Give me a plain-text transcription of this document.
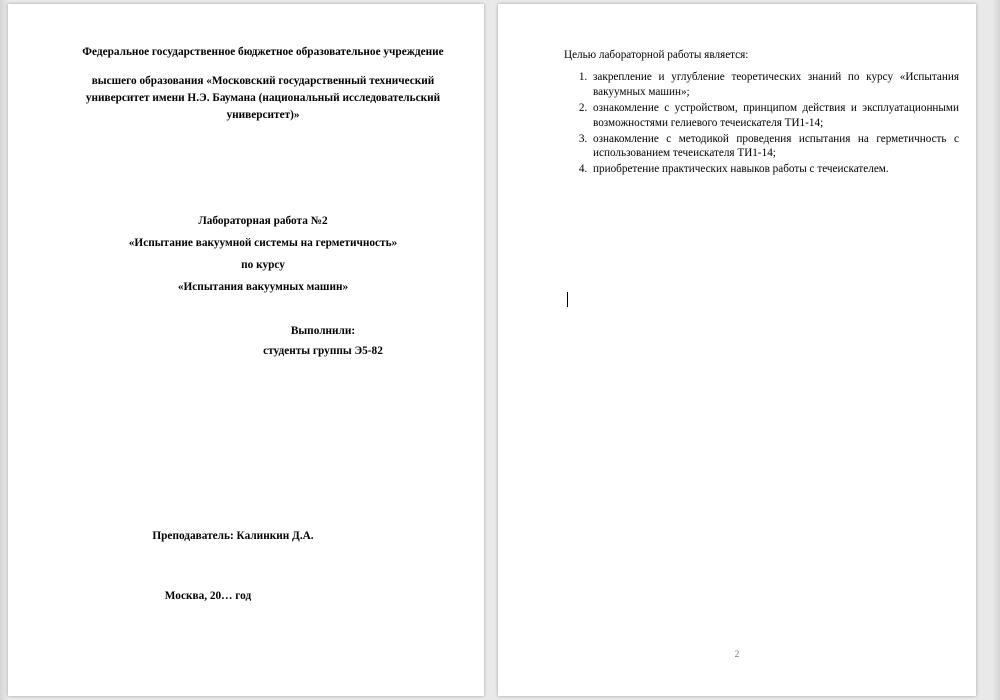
Федеральное государственное бюджетное образовательное учреждение
высшего образования «Московский государственный технический
университет имени Н.Э. Баумана (национальный исследовательский
университет)»
Лабораторная работа №2
«Испытание вакуумной системы на герметичность»
по курсу
«Испытания вакуумных машин»
Выполнили:
студенты группы Э5-82
Преподаватель: Калинкин Д.А.
Москва, 20… год
Целью лабораторной работы является:
1. закрепление и углубление теоретических знаний по курсу «Испытания вакуумных машин»;
2. ознакомление с устройством, принципом действия и эксплуатационными возможностями гелиевого течеискателя ТИ1-14;
3. ознакомление с методикой проведения испытания на герметичность с использованием течеискателя ТИ1-14;
4. приобретение практических навыков работы с течеискателем.
2
